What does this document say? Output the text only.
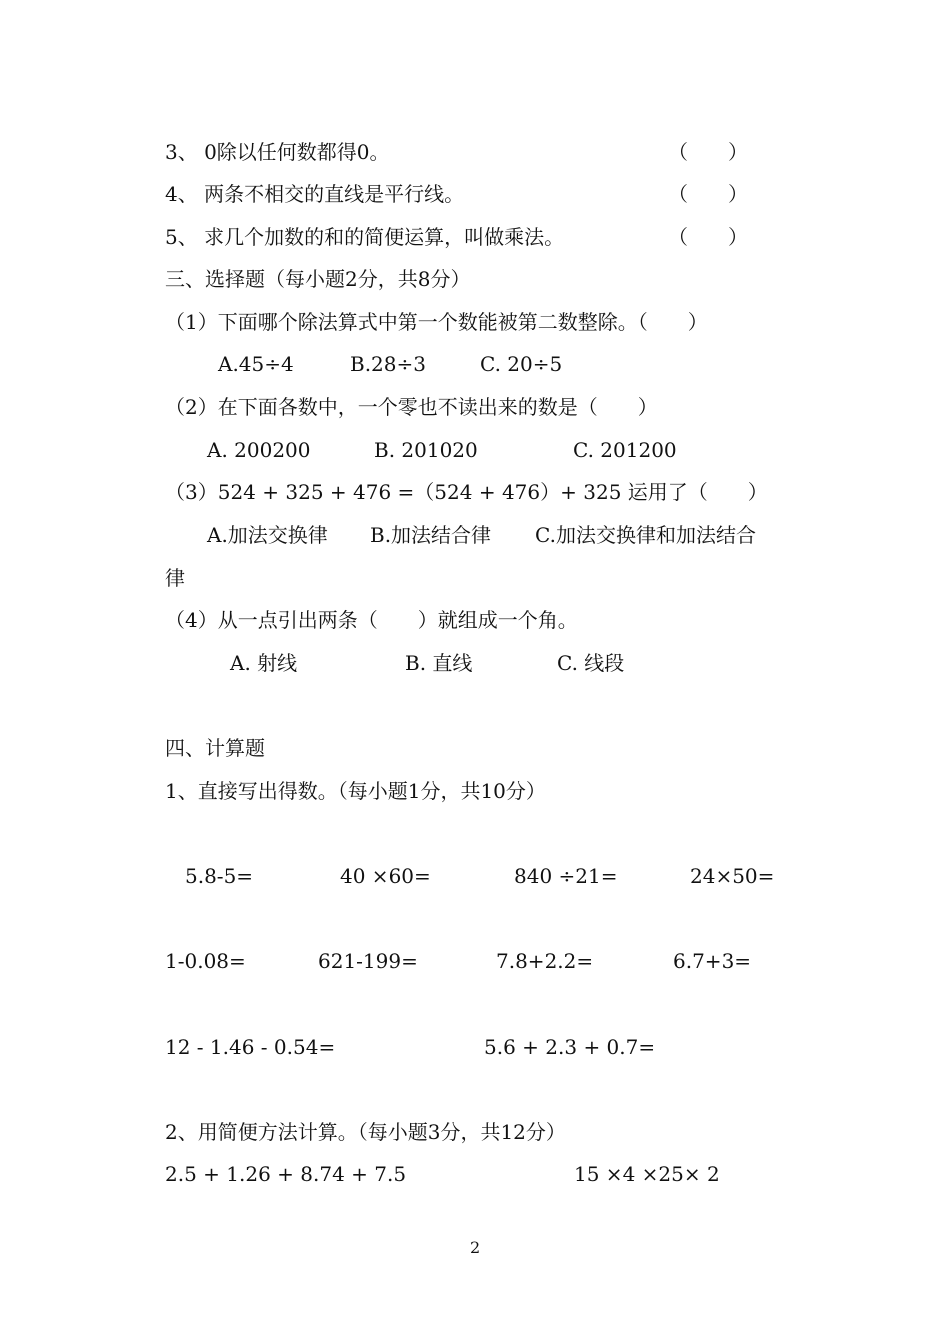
3、 0除以任何数都得0。	（　　）
4、 两条不相交的直线是平行线。	（　　）
5、 求几个加数的和的简便运算，叫做乘法。	（　　）
三、选择题（每小题2分，共8分）
（1）下面哪个除法算式中第一个数能被第二数整除。（　　）
A.45÷4	B.28÷3	C. 20÷5
（2）在下面各数中，一个零也不读出来的数是（　　）
A. 200200	B. 201020	C. 201200
（3）524 + 325 + 476 =（524 + 476）+ 325 运用了（　　）
A.加法交换律 B.加法结合律 C.加法交换律和加法结合
律
（4）从一点引出两条（　　）就组成一个角。
A. 射线	B. 直线	C. 线段
四、计算题
1、直接写出得数。（每小题1分，共10分）
5.8-5=	40 ×60=	840 ÷21=	24×50=
1-0.08=	621-199=	7.8+2.2=	6.7+3=
12 - 1.46 - 0.54=	5.6 + 2.3 + 0.7=
2、用简便方法计算。（每小题3分，共12分）
2.5 + 1.26 + 8.74 + 7.5	15 ×4 ×25× 2
2
